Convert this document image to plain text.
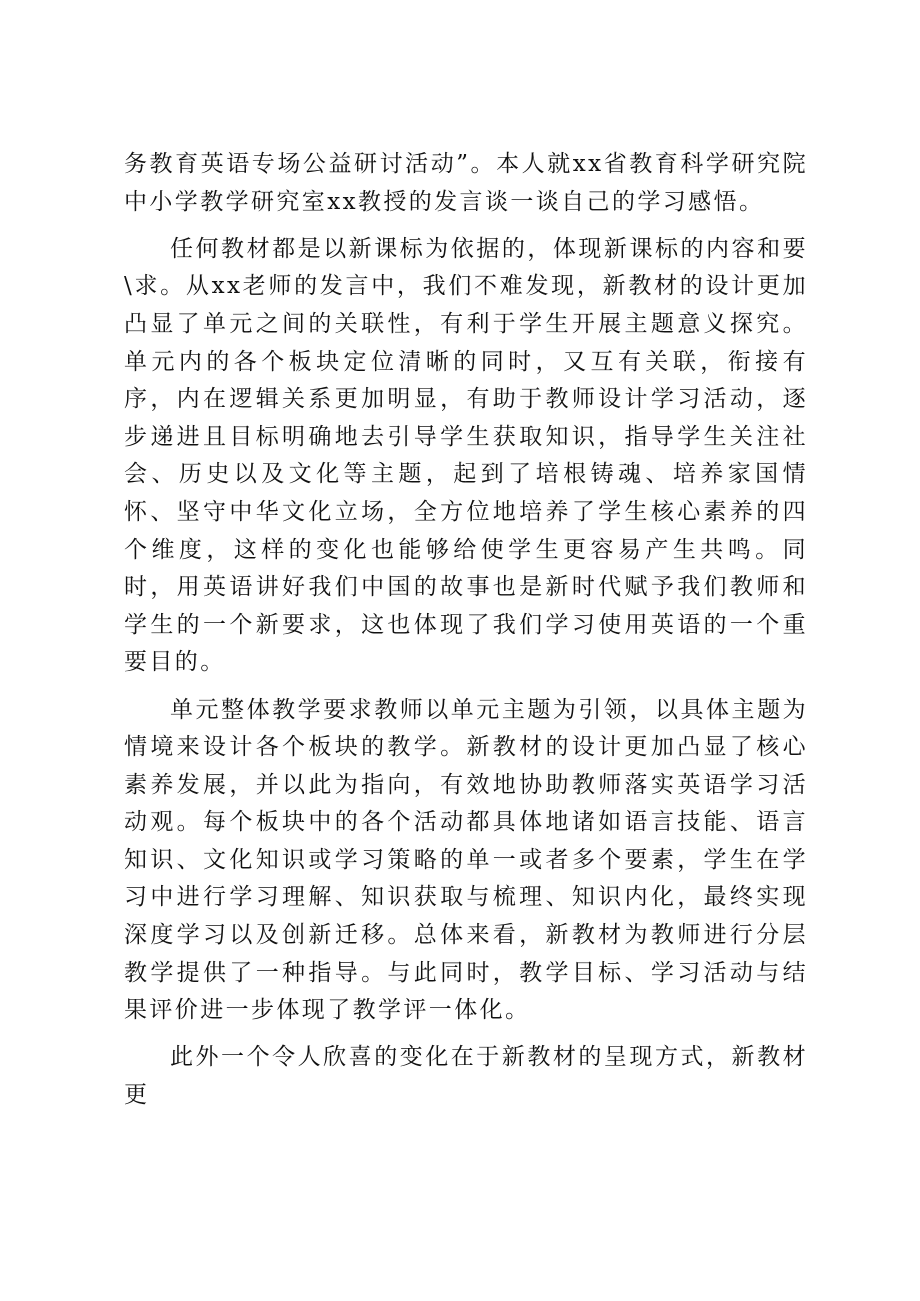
务教育英语专场公益研讨活动”。本人就xx省教育科学研究院中小学教学研究室xx教授的发言谈一谈自己的学习感悟。

任何教材都是以新课标为依据的，体现新课标的内容和要\求。从xx老师的发言中，我们不难发现，新教材的设计更加凸显了单元之间的关联性，有利于学生开展主题意义探究。单元内的各个板块定位清晰的同时，又互有关联，衔接有序，内在逻辑关系更加明显，有助于教师设计学习活动，逐步递进且目标明确地去引导学生获取知识，指导学生关注社会、历史以及文化等主题，起到了培根铸魂、培养家国情怀、坚守中华文化立场，全方位地培养了学生核心素养的四个维度，这样的变化也能够给使学生更容易产生共鸣。同时，用英语讲好我们中国的故事也是新时代赋予我们教师和学生的一个新要求，这也体现了我们学习使用英语的一个重要目的。

单元整体教学要求教师以单元主题为引领，以具体主题为情境来设计各个板块的教学。新教材的设计更加凸显了核心素养发展，并以此为指向，有效地协助教师落实英语学习活动观。每个板块中的各个活动都具体地诸如语言技能、语言知识、文化知识或学习策略的单一或者多个要素，学生在学习中进行学习理解、知识获取与梳理、知识内化，最终实现深度学习以及创新迁移。总体来看，新教材为教师进行分层教学提供了一种指导。与此同时，教学目标、学习活动与结果评价进一步体现了教学评一体化。

此外一个令人欣喜的变化在于新教材的呈现方式，新教材更
